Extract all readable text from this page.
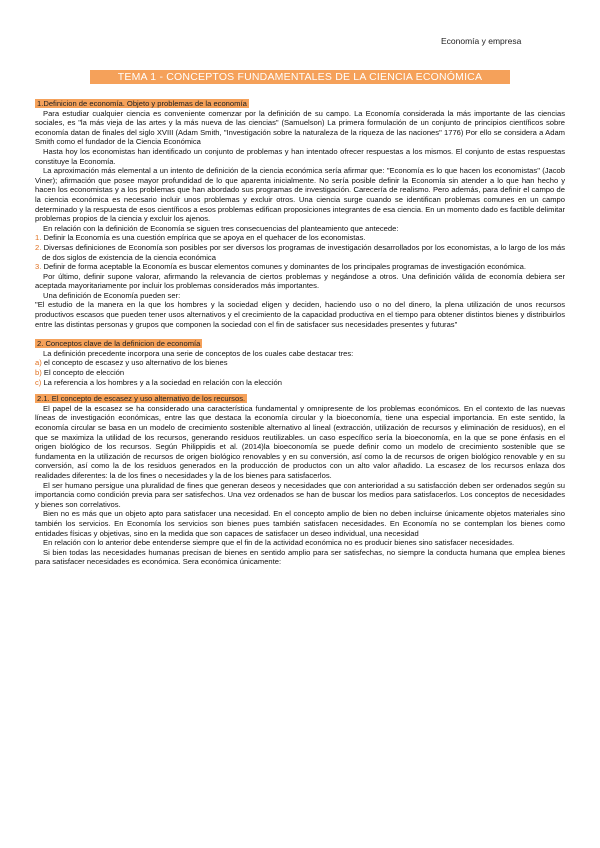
Economía y empresa
TEMA 1 - CONCEPTOS FUNDAMENTALES DE LA CIENCIA ECONÓMICA
1.Definicion de economía. Objeto y problemas de la economía

Para estudiar cualquier ciencia es conveniente comenzar por la definición de su campo. La Economía considerada la más importante de las ciencias sociales, es "la más vieja de las artes y la más nueva de las ciencias" (Samuelson) La primera formulación de un conjunto de principios científicos sobre economía datan de finales del siglo XVIII (Adam Smith, "Investigación sobre la naturaleza de la riqueza de las naciones" 1776) Por ello se considera a Adam Smith como el fundador de la Ciencia Económica

Hasta hoy los economistas han identificado un conjunto de problemas y han intentado ofrecer respuestas a los mismos. El conjunto de estas respuestas constituye la Economía.

La aproximación más elemental a un intento de definición de la ciencia económica sería afirmar que: "Economía es lo que hacen los economistas" (Jacob Viner); afirmación que posee mayor profundidad de lo que aparenta inicialmente. No sería posible definir la Economía sin atender a lo que han hecho y hacen los economistas y a los problemas que han abordado sus programas de investigación. Carecería de realismo. Pero además, para definir el campo de la ciencia económica es necesario incluir unos problemas y excluir otros. Una ciencia surge cuando se identifican problemas comunes en un campo determinado y la respuesta de esos científicos a esos problemas edifican proposiciones integrantes de esa ciencia. En un momento dado es factible delimitar problemas propios de la ciencia y excluir los ajenos.

En relación con la definición de Economía se siguen tres consecuencias del planteamiento que antecede:

1. Definir la Economía es una cuestión empírica que se apoya en el quehacer de los economistas.

2. Diversas definiciones de Economía son posibles por ser diversos los programas de investigación desarrollados por los economistas, a lo largo de los más de dos siglos de existencia de la ciencia económica

3. Definir de forma aceptable la Economía es buscar elementos comunes y dominantes de los principales programas de investigación económica.

Por último, definir supone valorar, afirmando la relevancia de ciertos problemas y negándose a otros. Una definición válida de economía debiera ser aceptada mayoritariamente por incluir los problemas considerados más importantes.

Una definición de Economía pueden ser:

"El estudio de la manera en la que los hombres y la sociedad eligen y deciden, haciendo uso o no del dinero, la plena utilización de unos recursos productivos escasos que pueden tener usos alternativos y el crecimiento de la capacidad productiva en el tiempo para obtener distintos bienes y distribuirlos entre las distintas personas y grupos que componen la sociedad con el fin de satisfacer sus necesidades presentes y futuras"

2. Conceptos clave de la definicion de economía

La definición precedente incorpora una serie de conceptos de los cuales cabe destacar tres:

a) el concepto de escasez y uso alternativo de los bienes

b) El concepto de elección

c) La referencia a los hombres y a la sociedad en relación con la elección

2.1. El concepto de escasez y uso alternativo de los recursos.

El papel de la escasez se ha considerado una característica fundamental y omnipresente de los problemas económicos. En el contexto de las nuevas líneas de investigación económicas, entre las que destaca la economía circular y la bioeconomía, tiene una especial importancia. En este sentido, la economía circular se basa en un modelo de crecimiento sostenible alternativo al lineal (extracción, utilización de recursos y eliminación de residuos), en el que se maximiza la utilidad de los recursos, generando residuos reutilizables. un caso específico sería la bioeconomía, en la que se pone énfasis en el origen biológico de los recursos. Según Philippidis et al. (2014)la bioeconomía se puede definir como un modelo de crecimiento sostenible que se fundamenta en la utilización de recursos de origen biológico renovables y en su conversión, así como la de recursos de origen biológico renovable y en su conversión, así como la de los residuos generados en la producción de productos con un alto valor añadido. La escasez de los recursos enlaza dos realidades diferentes: la de los fines o necesidades y la de los bienes para satisfacerlos.

El ser humano persigue una pluralidad de fines que generan deseos y necesidades que con anterioridad a su satisfacción deben ser ordenados según su importancia como condición previa para ser satisfechos. Una vez ordenados se han de buscar los medios para satisfacerlos. Los conceptos de necesidades y bienes son correlativos.

Bien no es más que un objeto apto para satisfacer una necesidad. En el concepto amplio de bien no deben incluirse únicamente objetos materiales sino también los servicios. En Economía los servicios son bienes pues también satisfacen necesidades. En Economía no se contemplan los bienes como entidades físicas y objetivas, sino en la medida que son capaces de satisfacer un deseo individual, una necesidad

En relación con lo anterior debe entenderse siempre que el fin de la actividad económica no es producir bienes sino satisfacer necesidades.

Si bien todas las necesidades humanas precisan de bienes en sentido amplio para ser satisfechas, no siempre la conducta humana que emplea bienes para satisfacer necesidades es económica. Sera económica únicamente:
